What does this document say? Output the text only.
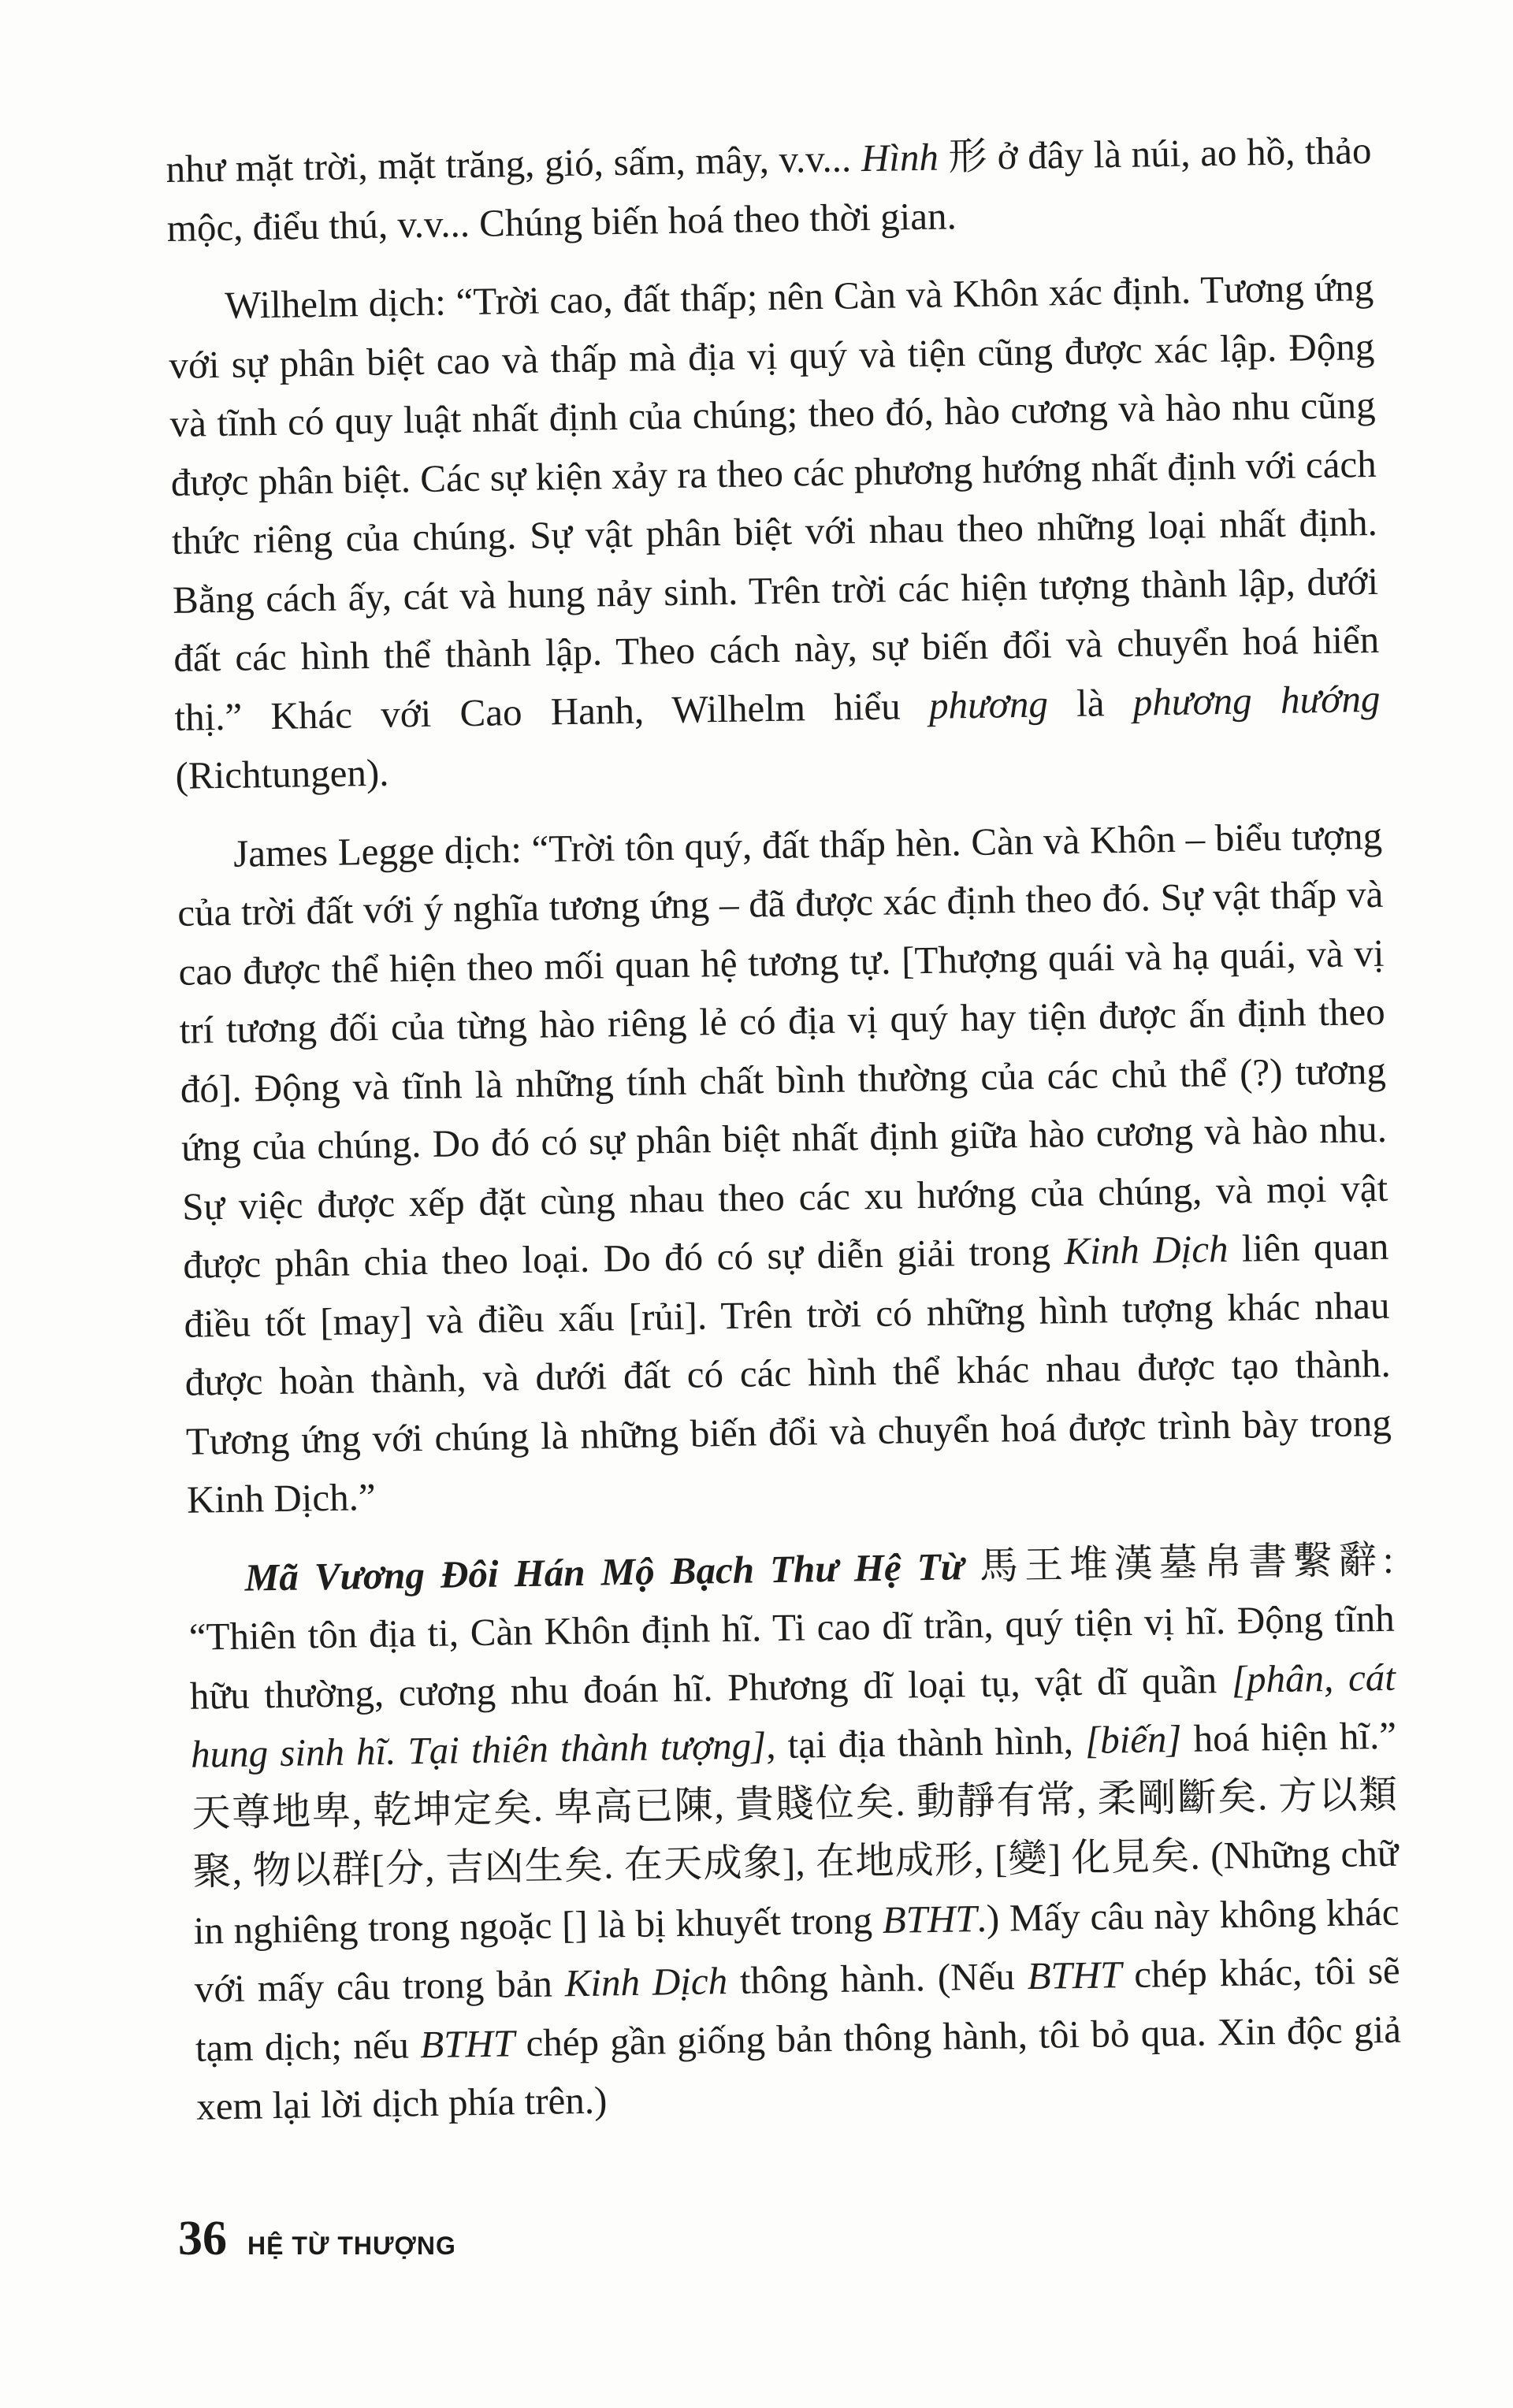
như mặt trời, mặt trăng, gió, sấm, mây, v.v... Hình 形 ở đây là núi, ao hồ, thảo mộc, điểu thú, v.v... Chúng biến hoá theo thời gian.

Wilhelm dịch: “Trời cao, đất thấp; nên Càn và Khôn xác định. Tương ứng với sự phân biệt cao và thấp mà địa vị quý và tiện cũng được xác lập. Động và tĩnh có quy luật nhất định của chúng; theo đó, hào cương và hào nhu cũng được phân biệt. Các sự kiện xảy ra theo các phương hướng nhất định với cách thức riêng của chúng. Sự vật phân biệt với nhau theo những loại nhất định. Bằng cách ấy, cát và hung nảy sinh. Trên trời các hiện tượng thành lập, dưới đất các hình thể thành lập. Theo cách này, sự biến đổi và chuyển hoá hiển thị.” Khác với Cao Hanh, Wilhelm hiểu phương là phương hướng (Richtungen).

James Legge dịch: “Trời tôn quý, đất thấp hèn. Càn và Khôn – biểu tượng của trời đất với ý nghĩa tương ứng – đã được xác định theo đó. Sự vật thấp và cao được thể hiện theo mối quan hệ tương tự. [Thượng quái và hạ quái, và vị trí tương đối của từng hào riêng lẻ có địa vị quý hay tiện được ấn định theo đó]. Động và tĩnh là những tính chất bình thường của các chủ thể (?) tương ứng của chúng. Do đó có sự phân biệt nhất định giữa hào cương và hào nhu. Sự việc được xếp đặt cùng nhau theo các xu hướng của chúng, và mọi vật được phân chia theo loại. Do đó có sự diễn giải trong Kinh Dịch liên quan điều tốt [may] và điều xấu [rủi]. Trên trời có những hình tượng khác nhau được hoàn thành, và dưới đất có các hình thể khác nhau được tạo thành. Tương ứng với chúng là những biến đổi và chuyển hoá được trình bày trong Kinh Dịch.”

Mã Vương Đôi Hán Mộ Bạch Thư Hệ Từ 馬王堆漢墓帛書繫辭: “Thiên tôn địa ti, Càn Khôn định hĩ. Ti cao dĩ trần, quý tiện vị hĩ. Động tĩnh hữu thường, cương nhu đoán hĩ. Phương dĩ loại tụ, vật dĩ quần [phân, cát hung sinh hĩ. Tại thiên thành tượng], tại địa thành hình, [biến] hoá hiện hĩ.” 天尊地卑, 乾坤定矣. 卑高已陳, 貴賤位矣. 動靜有常, 柔剛斷矣. 方以類聚, 物以群[分, 吉凶生矣. 在天成象], 在地成形, [變] 化見矣. (Những chữ in nghiêng trong ngoặc [] là bị khuyết trong BTHT.) Mấy câu này không khác với mấy câu trong bản Kinh Dịch thông hành. (Nếu BTHT chép khác, tôi sẽ tạm dịch; nếu BTHT chép gần giống bản thông hành, tôi bỏ qua. Xin độc giả xem lại lời dịch phía trên.)

36 HỆ TỪ THƯỢNG
